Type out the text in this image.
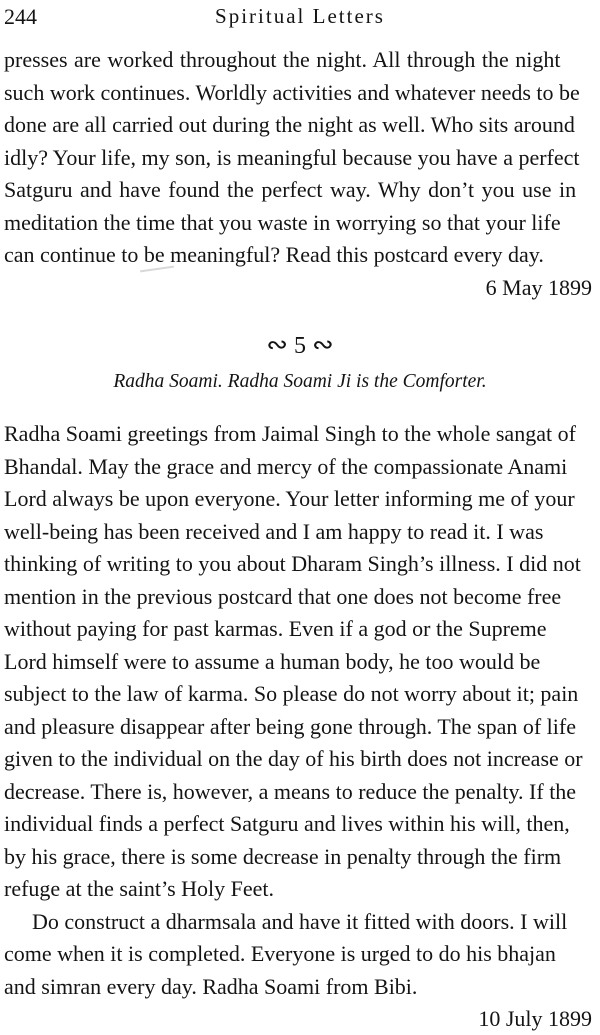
244	Spiritual Letters
presses are worked throughout the night. All through the night
such work continues. Worldly activities and whatever needs to be
done are all carried out during the night as well. Who sits around
idly? Your life, my son, is meaningful because you have a perfect
Satguru and have found the perfect way. Why don’t you use in
meditation the time that you waste in worrying so that your life
can continue to be meaningful? Read this postcard every day.
6 May 1899
∾ 5 ∾
Radha Soami. Radha Soami Ji is the Comforter.
Radha Soami greetings from Jaimal Singh to the whole sangat of
Bhandal. May the grace and mercy of the compassionate Anami
Lord always be upon everyone. Your letter informing me of your
well-being has been received and I am happy to read it. I was
thinking of writing to you about Dharam Singh’s illness. I did not
mention in the previous postcard that one does not become free
without paying for past karmas. Even if a god or the Supreme
Lord himself were to assume a human body, he too would be
subject to the law of karma. So please do not worry about it; pain
and pleasure disappear after being gone through. The span of life
given to the individual on the day of his birth does not increase or
decrease. There is, however, a means to reduce the penalty. If the
individual finds a perfect Satguru and lives within his will, then,
by his grace, there is some decrease in penalty through the firm
refuge at the saint’s Holy Feet.
Do construct a dharmsala and have it fitted with doors. I will
come when it is completed. Everyone is urged to do his bhajan
and simran every day. Radha Soami from Bibi.
10 July 1899
